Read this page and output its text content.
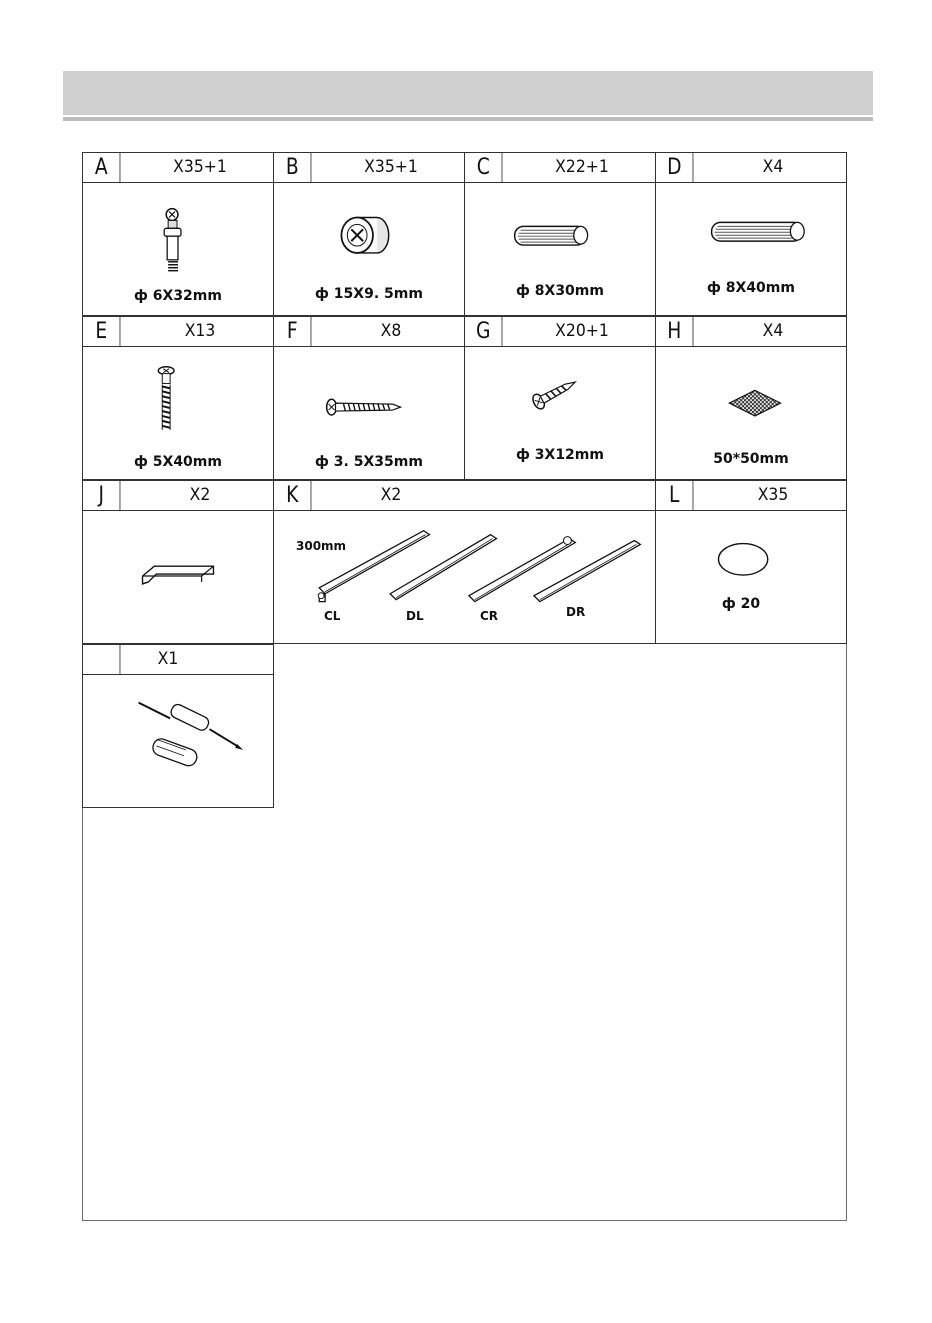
A	X35+1
ф 6X32mm
B	X35+1
ф 15X9. 5mm
C	X22+1
ф 8X30mm
D	X4
ф 8X40mm
E	X13
ф 5X40mm
F	X8
ф 3. 5X35mm
G	X20+1
ф 3X12mm
H	X4
50*50mm
J	X2	K	X2
300mm
CL	DL	CR	DR
L	X35
ф 20
X1
